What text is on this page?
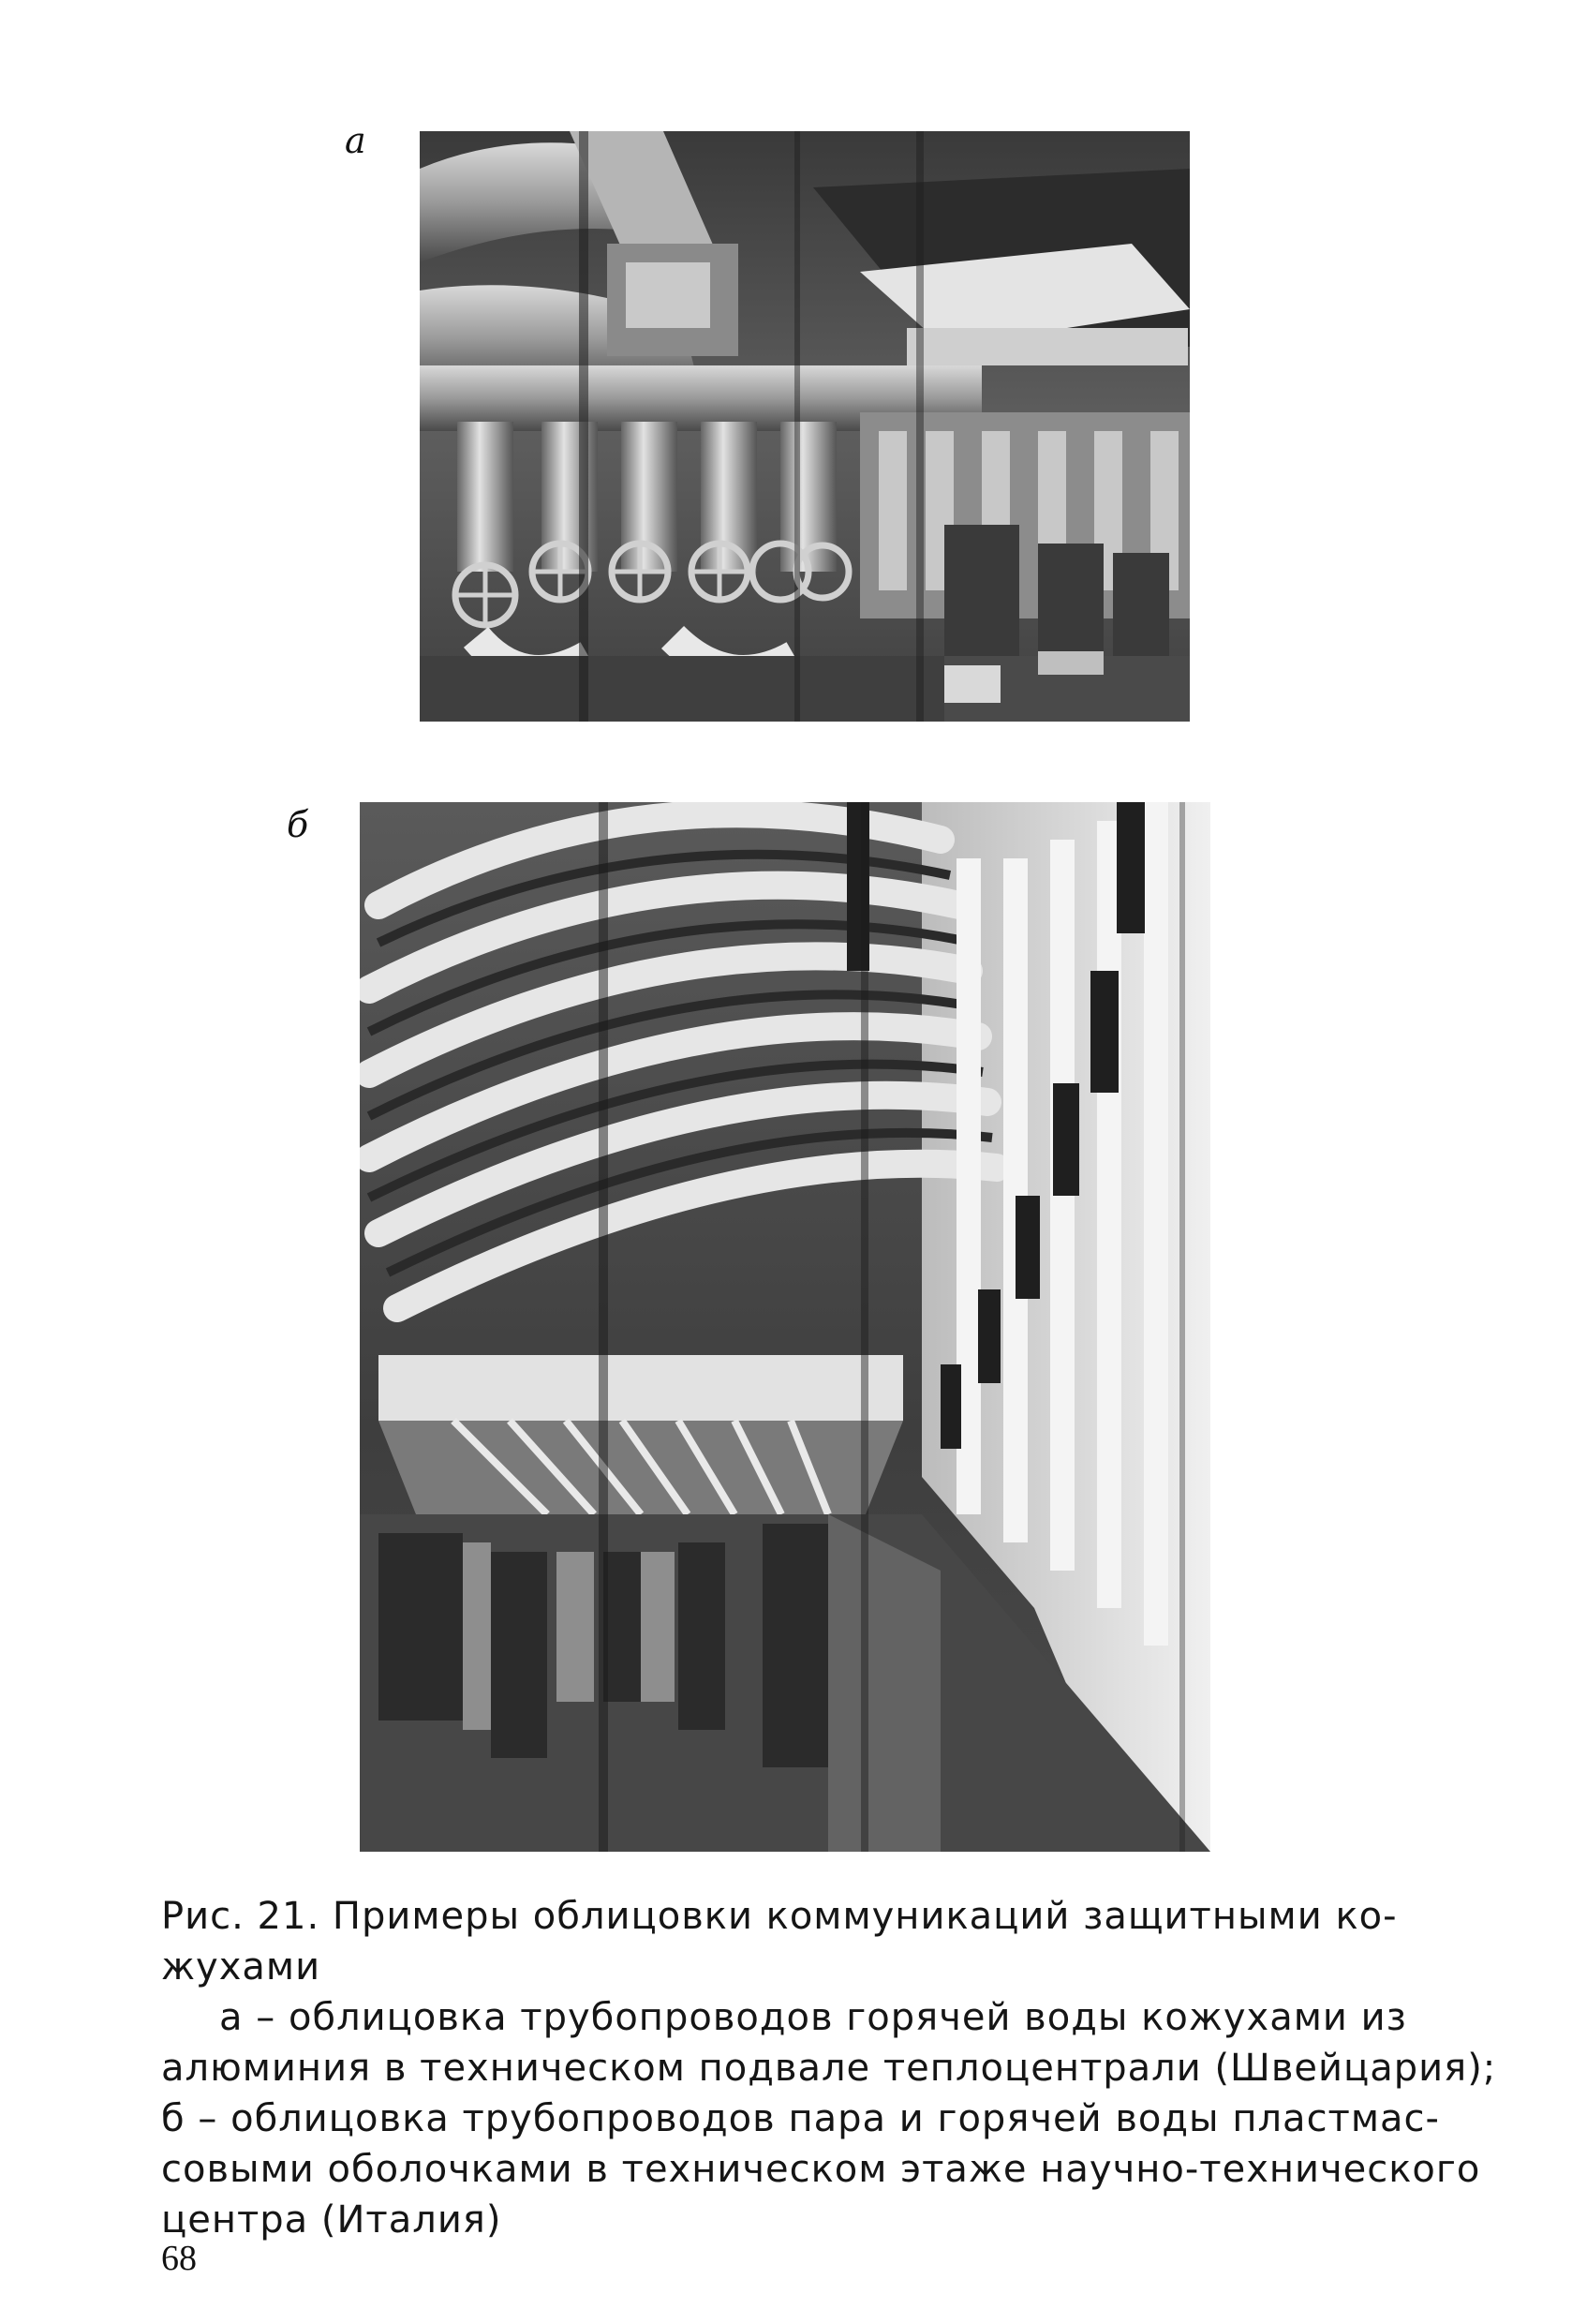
а
б
Рис. 21. Примеры облицовки коммуникаций защитными ко-
жухами
а – облицовка трубопроводов горячей воды кожухами из
алюминия в техническом подвале теплоцентрали (Швейцария);
б – облицовка трубопроводов пара и горячей воды пластмас-
совыми оболочками в техническом этаже научно-технического
центра (Италия)
68
